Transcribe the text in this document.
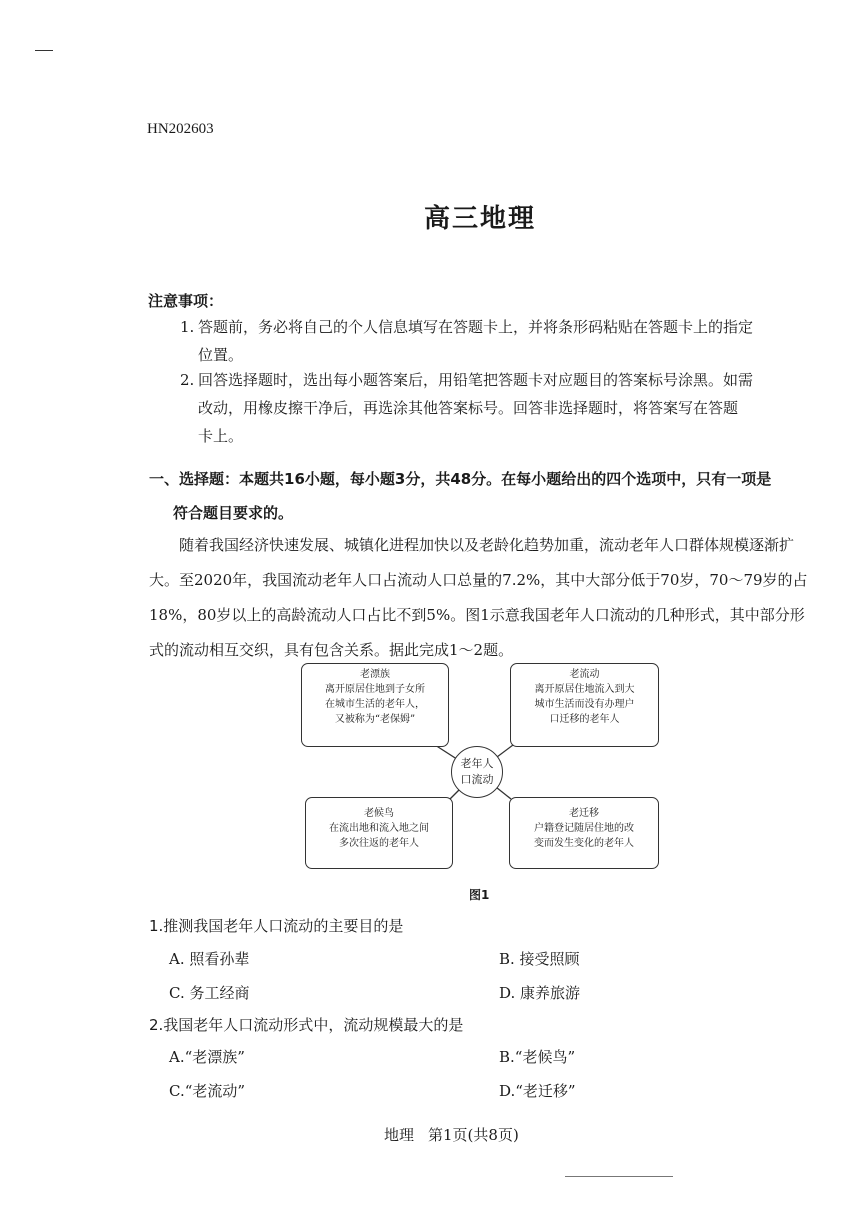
HN202603
高三地理
注意事项：
1. 答题前，务必将自己的个人信息填写在答题卡上，并将条形码粘贴在答题卡上的指定
位置。
2. 回答选择题时，选出每小题答案后，用铅笔把答题卡对应题目的答案标号涂黑。如需
改动，用橡皮擦干净后，再选涂其他答案标号。回答非选择题时，将答案写在答题
卡上。
一、选择题：本题共16小题，每小题3分，共48分。在每小题给出的四个选项中，只有一项是
符合题目要求的。
随着我国经济快速发展、城镇化进程加快以及老龄化趋势加重，流动老年人口群体规模逐渐扩大。至2020年，我国流动老年人口占流动人口总量的7.2%，其中大部分低于70岁，70～79岁的占18%，80岁以上的高龄流动人口占比不到5%。图1示意我国老年人口流动的几种形式，其中部分形式的流动相互交织，具有包含关系。据此完成1～2题。
老漂族
离开原居住地到子女所
在城市生活的老年人，
又被称为“老保姆”
老流动
离开原居住地流入到大
城市生活而没有办理户
口迁移的老年人
老候鸟
在流出地和流入地之间
多次往返的老年人
老迁移
户籍登记随居住地的改
变而发生变化的老年人
老年人
口流动
图1
1.推测我国老年人口流动的主要目的是
A. 照看孙辈	B. 接受照顾
C. 务工经商	D. 康养旅游
2.我国老年人口流动形式中，流动规模最大的是
A.“老漂族”	B.“老候鸟”
C.“老流动”	D.“老迁移”
地理 第1页(共8页)
